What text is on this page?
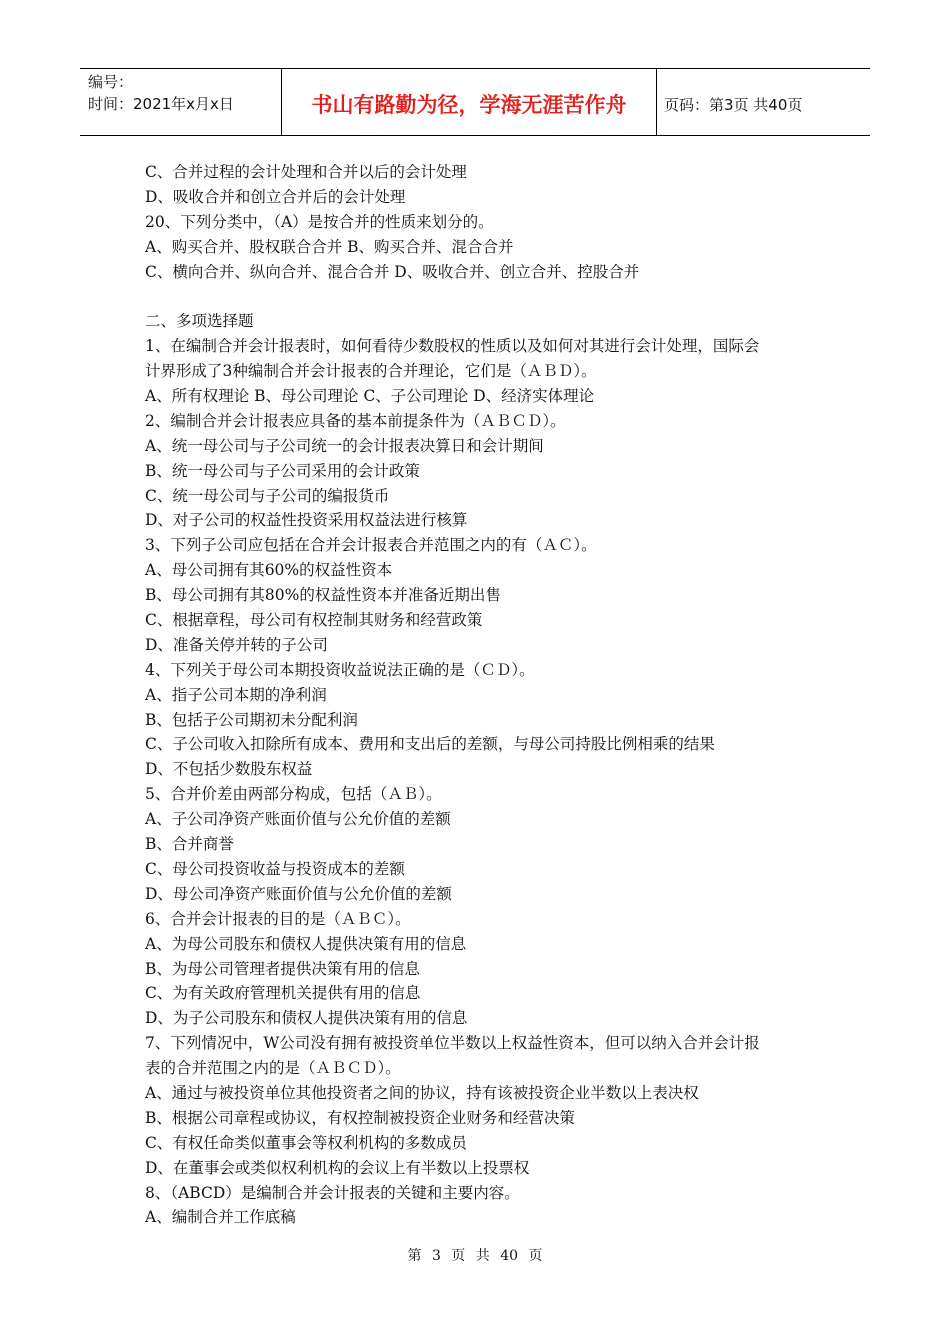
编号：
时间：2021年x月x日	书山有路勤为径，学海无涯苦作舟	页码：第3页 共40页
C、合并过程的会计处理和合并以后的会计处理
D、吸收合并和创立合并后的会计处理
20、下列分类中，（A）是按合并的性质来划分的。
A、购买合并、股权联合合并 B、购买合并、混合合并
C、横向合并、纵向合并、混合合并 D、吸收合并、创立合并、控股合并
二、多项选择题
1、在编制合并会计报表时，如何看待少数股权的性质以及如何对其进行会计处理，国际会
计界形成了3种编制合并会计报表的合并理论，它们是（ＡＢＤ）。
A、所有权理论 B、母公司理论 C、子公司理论 D、经济实体理论
2、编制合并会计报表应具备的基本前提条件为（ＡＢＣＤ）。
A、统一母公司与子公司统一的会计报表决算日和会计期间
B、统一母公司与子公司采用的会计政策
C、统一母公司与子公司的编报货币
D、对子公司的权益性投资采用权益法进行核算
3、下列子公司应包括在合并会计报表合并范围之内的有（ＡＣ）。
A、母公司拥有其60%的权益性资本
B、母公司拥有其80%的权益性资本并准备近期出售
C、根据章程，母公司有权控制其财务和经营政策
D、准备关停并转的子公司
4、下列关于母公司本期投资收益说法正确的是（ＣＤ）。
A、指子公司本期的净利润
B、包括子公司期初未分配利润
C、子公司收入扣除所有成本、费用和支出后的差额，与母公司持股比例相乘的结果
D、不包括少数股东权益
5、合并价差由两部分构成，包括（ＡＢ）。
A、子公司净资产账面价值与公允价值的差额
B、合并商誉
C、母公司投资收益与投资成本的差额
D、母公司净资产账面价值与公允价值的差额
6、合并会计报表的目的是（ＡＢＣ）。
A、为母公司股东和债权人提供决策有用的信息
B、为母公司管理者提供决策有用的信息
C、为有关政府管理机关提供有用的信息
D、为子公司股东和债权人提供决策有用的信息
7、下列情况中，W公司没有拥有被投资单位半数以上权益性资本，但可以纳入合并会计报
表的合并范围之内的是（ＡＢＣＤ）。
A、通过与被投资单位其他投资者之间的协议，持有该被投资企业半数以上表决权
B、根据公司章程或协议，有权控制被投资企业财务和经营决策
C、有权任命类似董事会等权利机构的多数成员
D、在董事会或类似权利机构的会议上有半数以上投票权
8、（ABCD）是编制合并会计报表的关键和主要内容。
A、编制合并工作底稿
第 3 页 共 40 页
